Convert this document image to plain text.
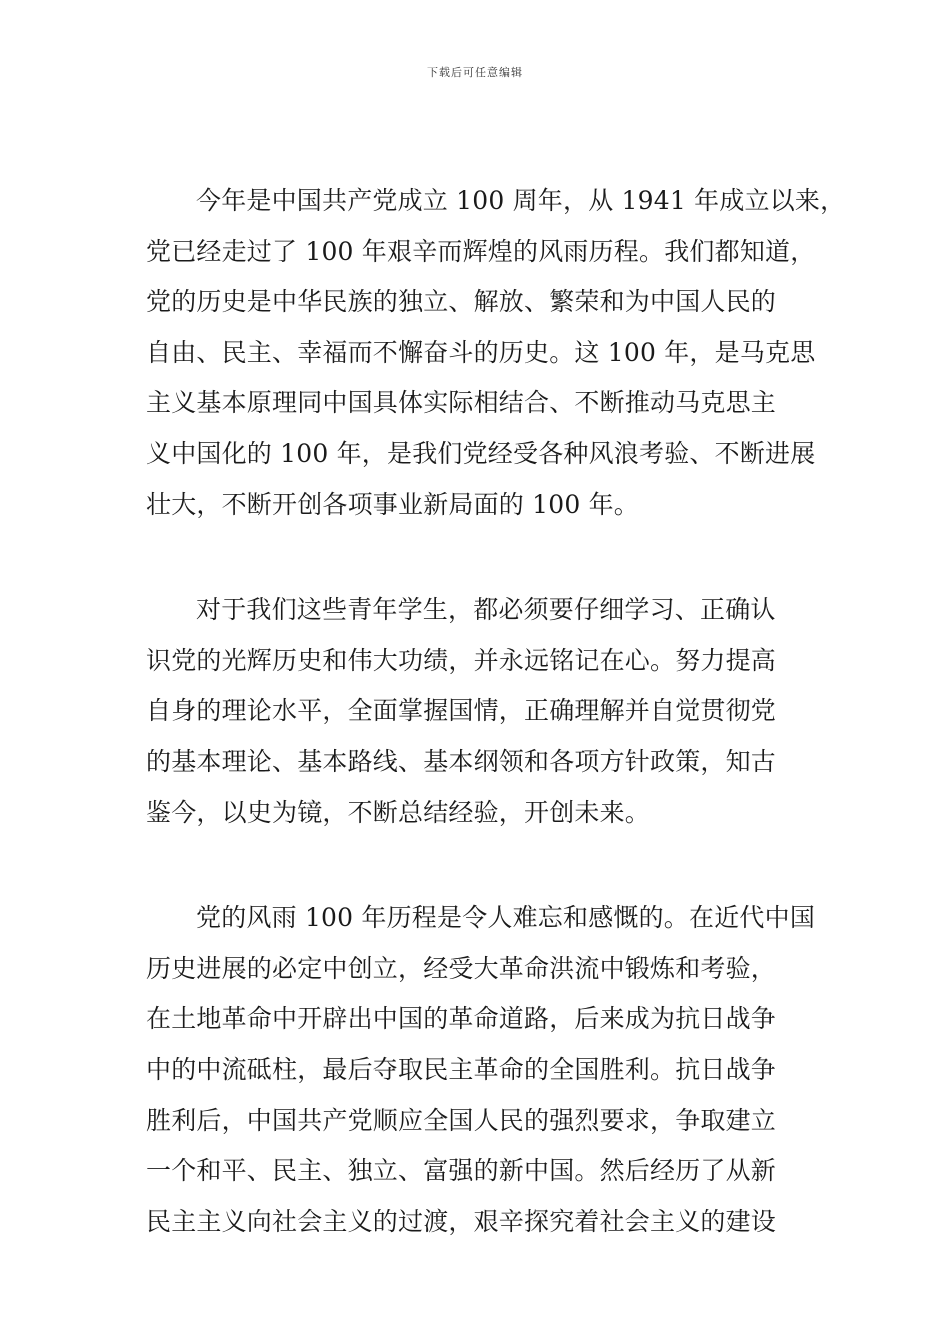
下载后可任意编辑
今年是中国共产党成立 100 周年，从 1941 年成立以来，
党已经走过了 100 年艰辛而辉煌的风雨历程。我们都知道，
党的历史是中华民族的独立、解放、繁荣和为中国人民的
自由、民主、幸福而不懈奋斗的历史。这 100 年，是马克思
主义基本原理同中国具体实际相结合、不断推动马克思主
义中国化的 100 年，是我们党经受各种风浪考验、不断进展
壮大，不断开创各项事业新局面的 100 年。
对于我们这些青年学生，都必须要仔细学习、正确认
识党的光辉历史和伟大功绩，并永远铭记在心。努力提高
自身的理论水平，全面掌握国情，正确理解并自觉贯彻党
的基本理论、基本路线、基本纲领和各项方针政策，知古
鉴今，以史为镜，不断总结经验，开创未来。
党的风雨 100 年历程是令人难忘和感慨的。在近代中国
历史进展的必定中创立，经受大革命洪流中锻炼和考验，
在土地革命中开辟出中国的革命道路，后来成为抗日战争
中的中流砥柱，最后夺取民主革命的全国胜利。抗日战争
胜利后，中国共产党顺应全国人民的强烈要求，争取建立
一个和平、民主、独立、富强的新中国。然后经历了从新
民主主义向社会主义的过渡，艰辛探究着社会主义的建设
